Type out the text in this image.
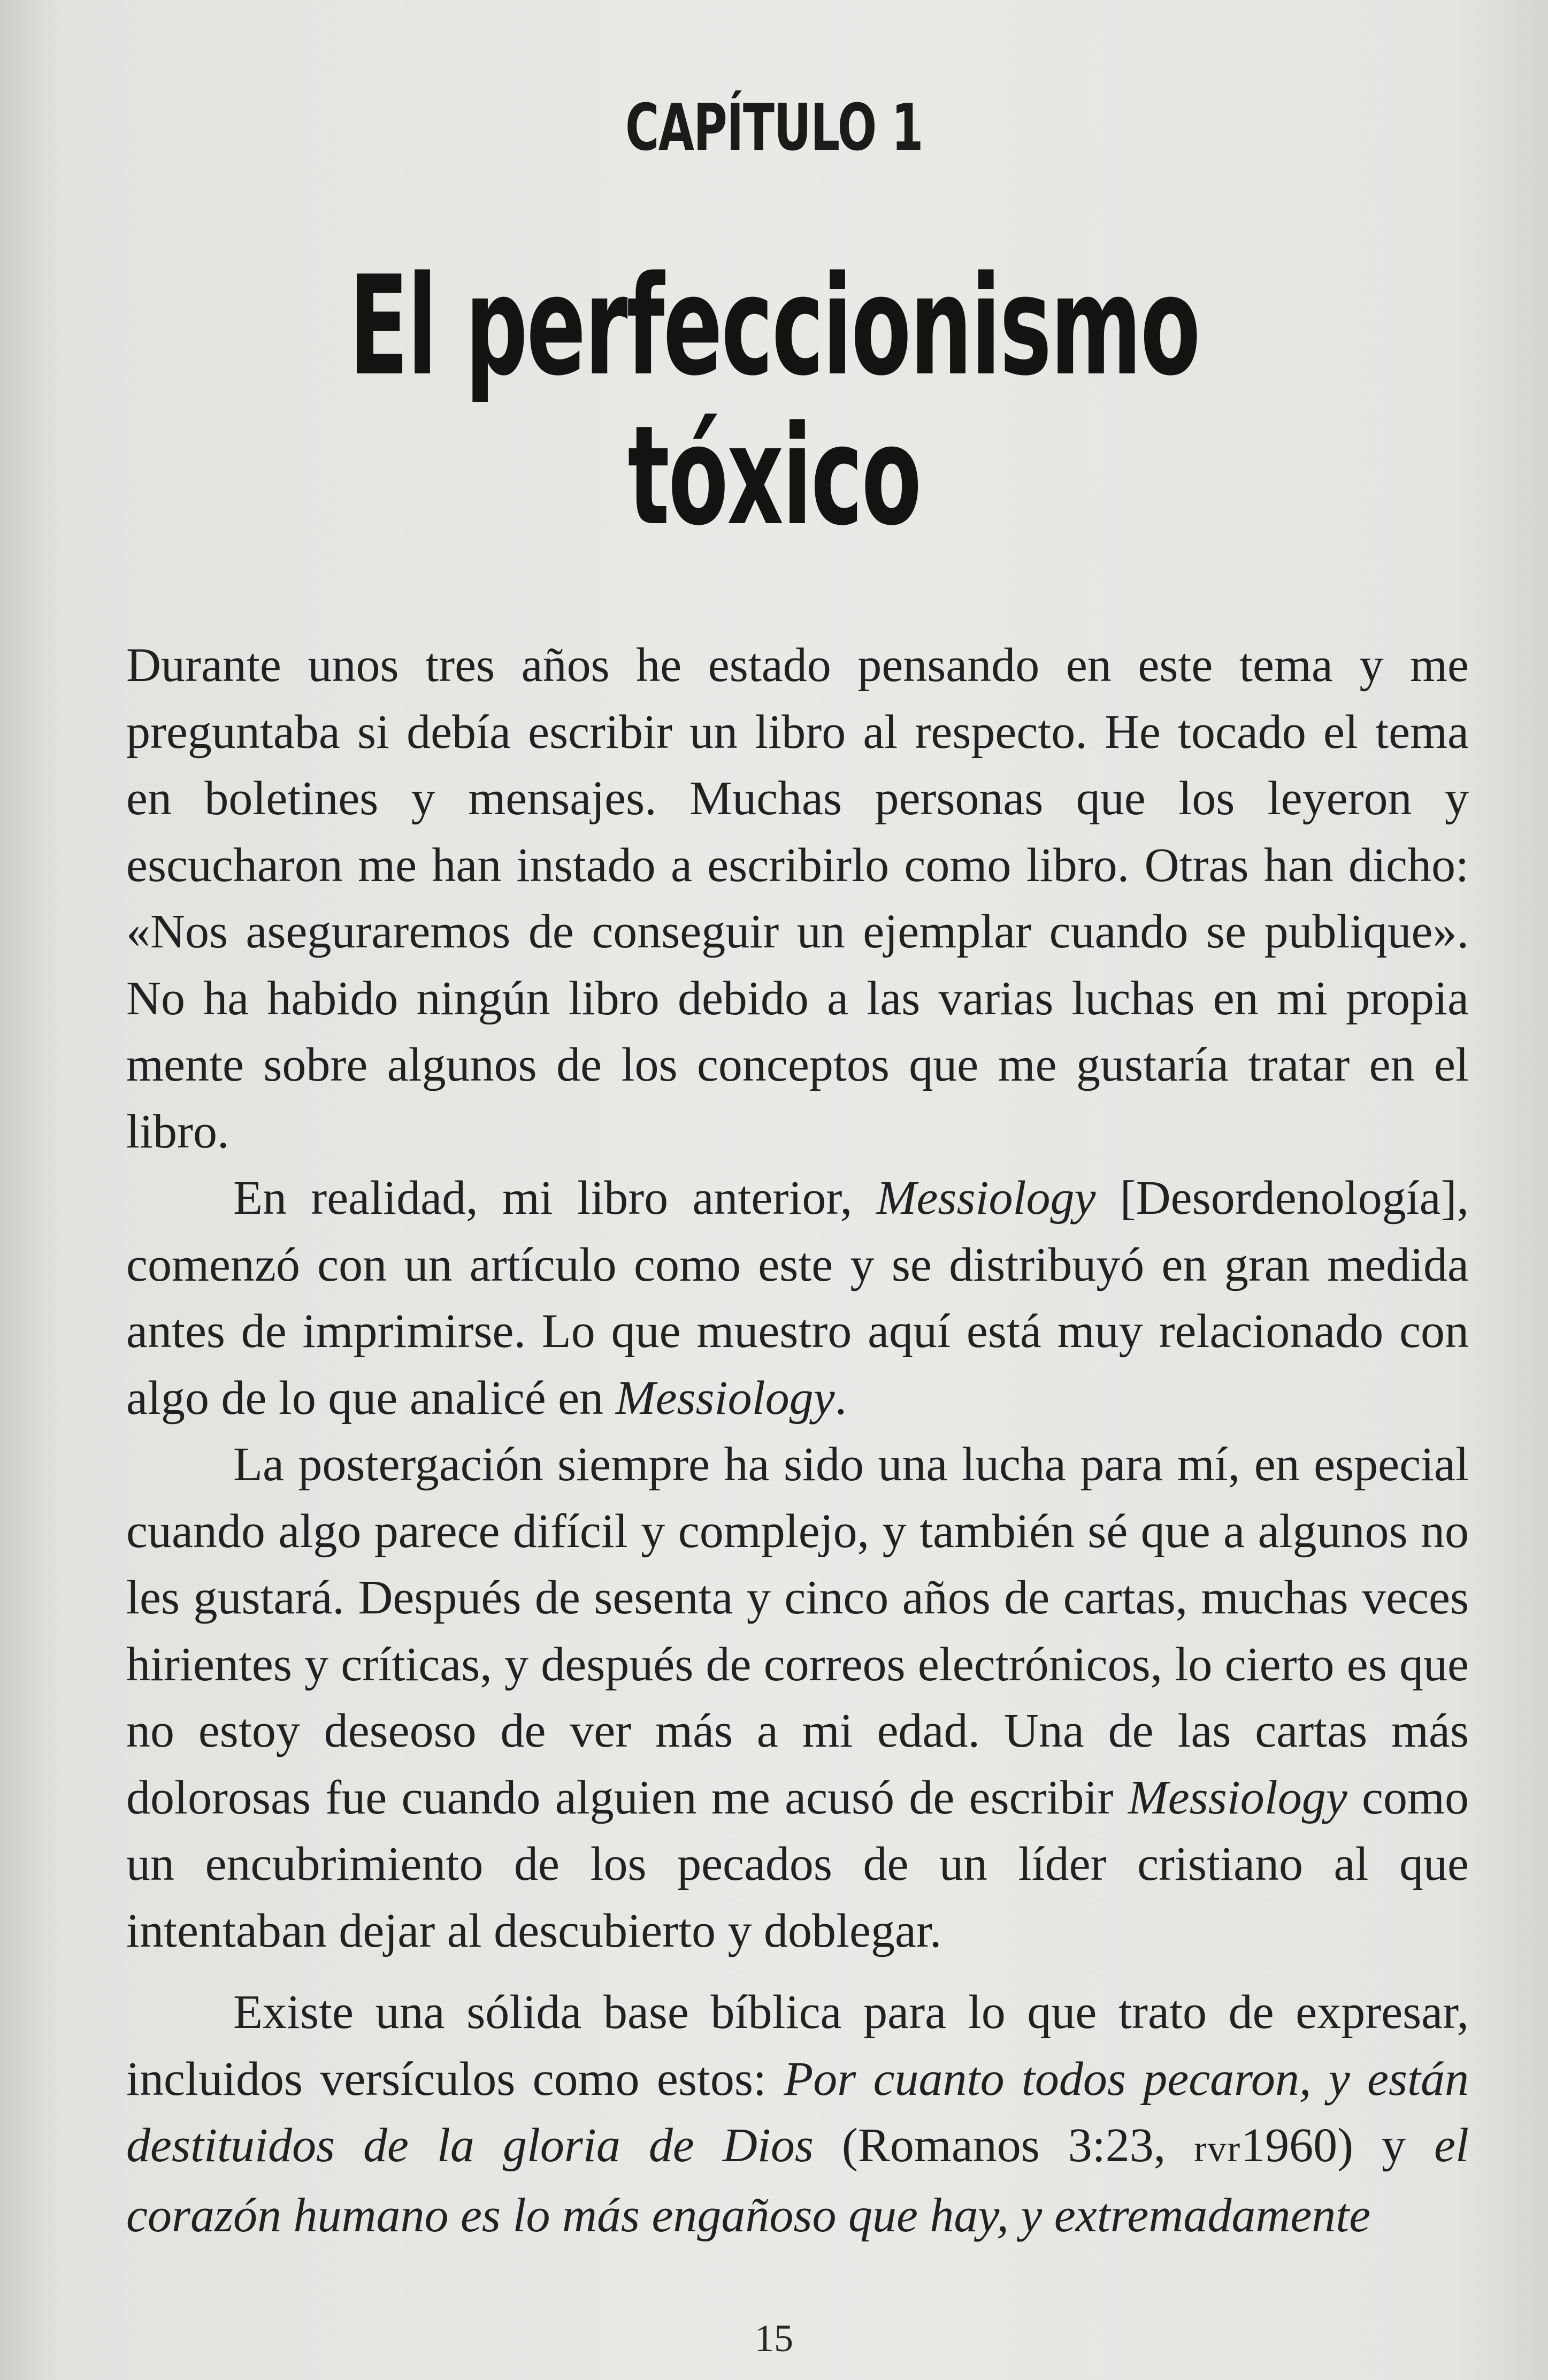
CAPÍTULO 1
El perfeccionismo tóxico

Durante unos tres años he estado pensando en este tema y me preguntaba si debía escribir un libro al respecto. He tocado el tema en boletines y mensajes. Muchas personas que los leyeron y escucharon me han instado a escribirlo como libro. Otras han dicho: «Nos aseguraremos de conseguir un ejemplar cuando se publique». No ha habido ningún libro debido a las varias luchas en mi propia mente sobre algunos de los conceptos que me gustaría tratar en el libro.

En realidad, mi libro anterior, Messiology [Desordenología], comenzó con un artículo como este y se distribuyó en gran medida antes de imprimirse. Lo que muestro aquí está muy relacionado con algo de lo que analicé en Messiology.

La postergación siempre ha sido una lucha para mí, en especial cuando algo parece difícil y complejo, y también sé que a algunos no les gustará. Después de sesenta y cinco años de cartas, muchas veces hirientes y críticas, y después de correos electrónicos, lo cierto es que no estoy deseoso de ver más a mi edad. Una de las cartas más dolorosas fue cuando alguien me acusó de escribir Messiology como un encubrimiento de los pecados de un líder cristiano al que intentaban dejar al descubierto y doblegar.

Existe una sólida base bíblica para lo que trato de expresar, incluidos versículos como estos: Por cuanto todos pecaron, y están destituidos de la gloria de Dios (Romanos 3:23, rvr1960) y el corazón humano es lo más engañoso que hay, y extremadamente

15
